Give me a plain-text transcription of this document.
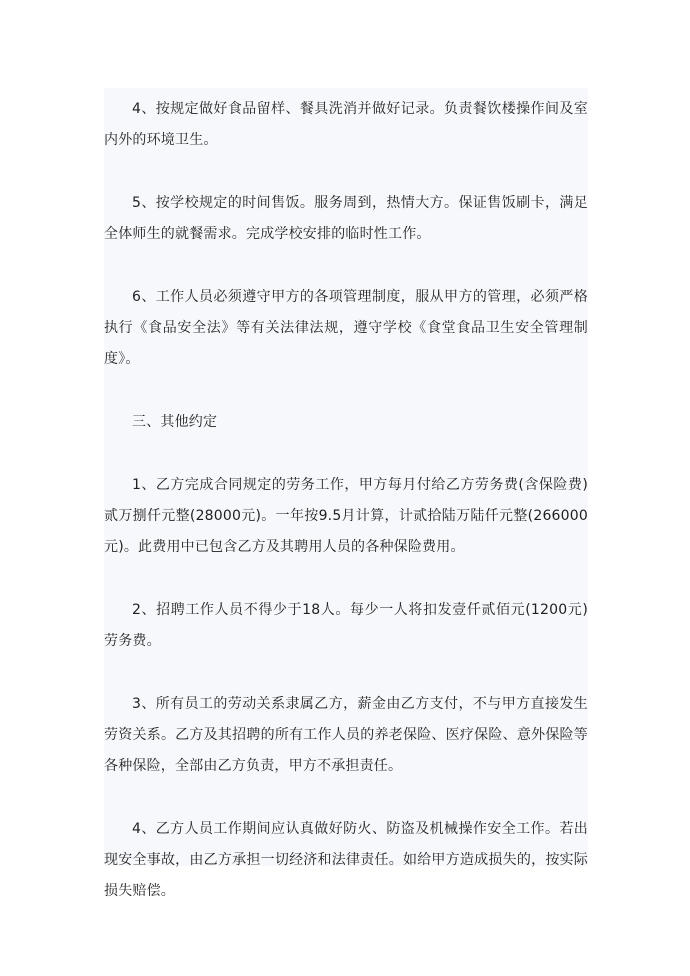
4、按规定做好食品留样、餐具洗消并做好记录。负责餐饮楼操作间及室内外的环境卫生。

5、按学校规定的时间售饭。服务周到，热情大方。保证售饭刷卡，满足全体师生的就餐需求。完成学校安排的临时性工作。

6、工作人员必须遵守甲方的各项管理制度，服从甲方的管理，必须严格执行《食品安全法》等有关法律法规，遵守学校《食堂食品卫生安全管理制度》。

三、其他约定

1、乙方完成合同规定的劳务工作，甲方每月付给乙方劳务费(含保险费)贰万捌仟元整(28000元)。一年按9.5月计算，计贰拾陆万陆仟元整(266000元)。此费用中已包含乙方及其聘用人员的各种保险费用。

2、招聘工作人员不得少于18人。每少一人将扣发壹仟贰佰元(1200元)劳务费。

3、所有员工的劳动关系隶属乙方，薪金由乙方支付，不与甲方直接发生劳资关系。乙方及其招聘的所有工作人员的养老保险、医疗保险、意外保险等各种保险，全部由乙方负责，甲方不承担责任。

4、乙方人员工作期间应认真做好防火、防盗及机械操作安全工作。若出现安全事故，由乙方承担一切经济和法律责任。如给甲方造成损失的，按实际损失赔偿。
